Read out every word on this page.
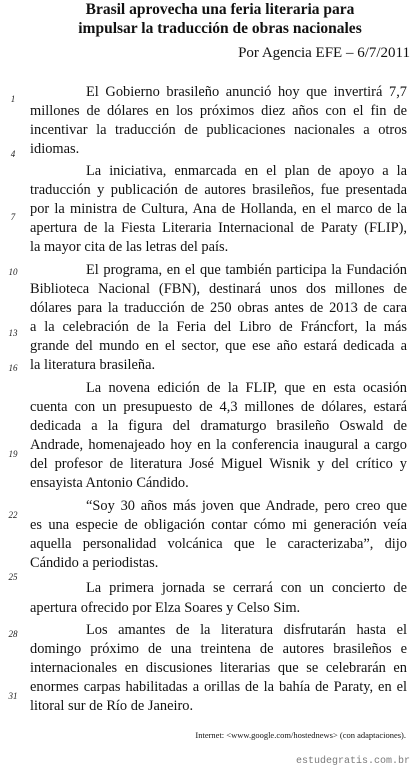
Brasil aprovecha una feria literaria para
impulsar la traducción de obras nacionales
Por Agencia EFE – 6/7/2011
1
4
7
10
13
16
19
22
25
28
31
El Gobierno brasileño anunció hoy que invertirá 7,7
millones de dólares en los próximos diez años con el fin de
incentivar la traducción de publicaciones nacionales a otros
idiomas.
La iniciativa, enmarcada en el plan de apoyo a la
traducción y publicación de autores brasileños, fue presentada
por la ministra de Cultura, Ana de Hollanda, en el marco de la
apertura de la Fiesta Literaria Internacional de Paraty (FLIP),
la mayor cita de las letras del país.
El programa, en el que también participa la Fundación
Biblioteca Nacional (FBN), destinará unos dos millones de
dólares para la traducción de 250 obras antes de 2013 de cara
a la celebración de la Feria del Libro de Fráncfort, la más
grande del mundo en el sector, que ese año estará dedicada a
la literatura brasileña.
La novena edición de la FLIP, que en esta ocasión
cuenta con un presupuesto de 4,3 millones de dólares, estará
dedicada a la figura del dramaturgo brasileño Oswald de
Andrade, homenajeado hoy en la conferencia inaugural a cargo
del profesor de literatura José Miguel Wisnik y del crítico y
ensayista Antonio Cándido.
“Soy 30 años más joven que Andrade, pero creo que
es una especie de obligación contar cómo mi generación veía
aquella personalidad volcánica que le caracterizaba”, dijo
Cándido a periodistas.
La primera jornada se cerrará con un concierto de
apertura ofrecido por Elza Soares y Celso Sim.
Los amantes de la literatura disfrutarán hasta el
domingo próximo de una treintena de autores brasileños e
internacionales en discusiones literarias que se celebrarán en
enormes carpas habilitadas a orillas de la bahía de Paraty, en el
litoral sur de Río de Janeiro.
Internet: <www.google.com/hostednews> (con adaptaciones).
estudegratis.com.br
